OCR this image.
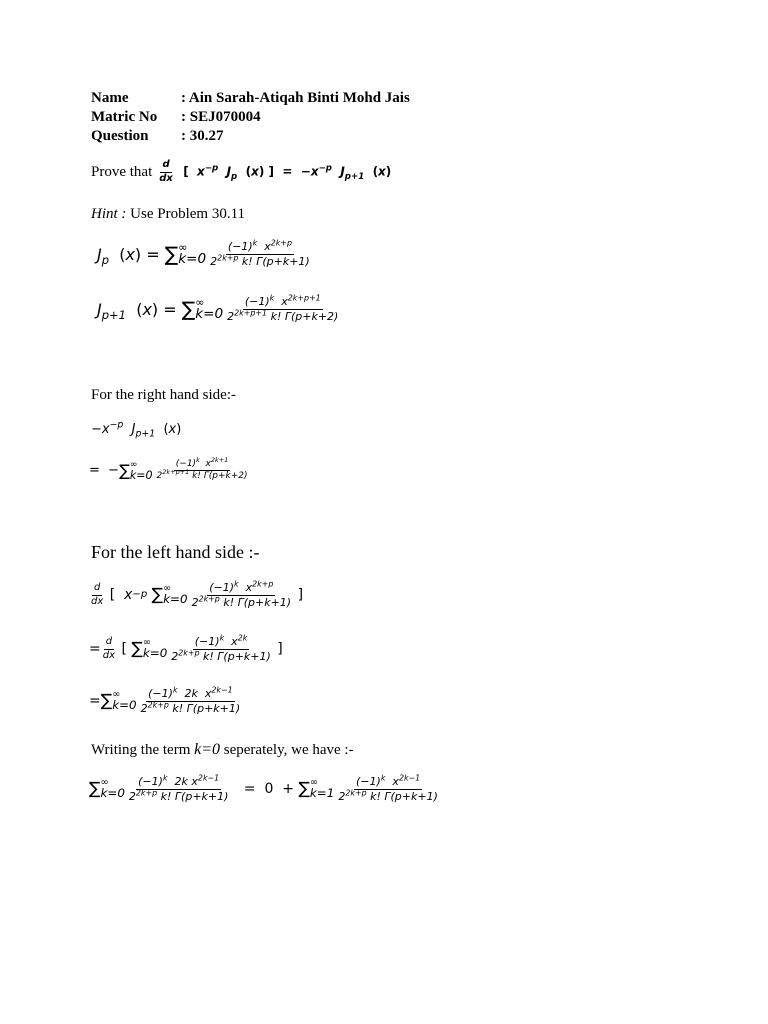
Name	: Ain Sarah-Atiqah Binti Mohd Jais
Matric No : SEJ070004
Question : 30.27
Prove that $\frac{d}{dx}$ [  $x^{-p}$  $J_p$ (x) ] =  $-x^{-p}$  $J_{p+1}$ (x)
Hint : Use Problem 30.11
$J_p$
( x )
=
∑ ∞
$k=0 \frac{(-1)^k x^{2k+p}}{2^{2k+p} k! \Gamma(p+k+1)}$
$J_{p+1}$
( x )
=
∑ ∞
$k=0 \frac{(-1)^k x^{2k+p+1}}{2^{2k+p+1} k! \Gamma(p+k+2)}$
For the right hand side:-
$-x^{-p}$  $J_{p+1}$ (x)
= − ∑ ∞
$k=0 \frac{(-1)^k x^{2k+1}}{2^{2k+p+1} k! \Gamma(p+k+2)}$
For the left hand side :-
$\frac{d}{dx}$
[ x −p
∑ ∞
$k=0 \frac{(-1)^k x^{2k+p}}{2^{2k+p} k! \Gamma(p+k+1)}$
]
= $\frac{d}{dx}$
[
∑ ∞
$k=0 \frac{(-1)^k x^{2k}}{2^{2k+p} k! \Gamma(p+k+1)}$
]
= ∑ ∞
$k=0 \frac{(-1)^k 2k x^{2k-1}}{2^{2k+p} k! \Gamma(p+k+1)}$
Writing the term k=0 seperately, we have :-
∑ ∞
$k=0 \frac{(-1)^k 2k x^{2k-1}}{2^{2k+p} k! \Gamma(p+k+1)}$
=
0
+
∑ ∞
$k=1 \frac{(-1)^k x^{2k-1}}{2^{2k+p} k! \Gamma(p+k+1)}$
